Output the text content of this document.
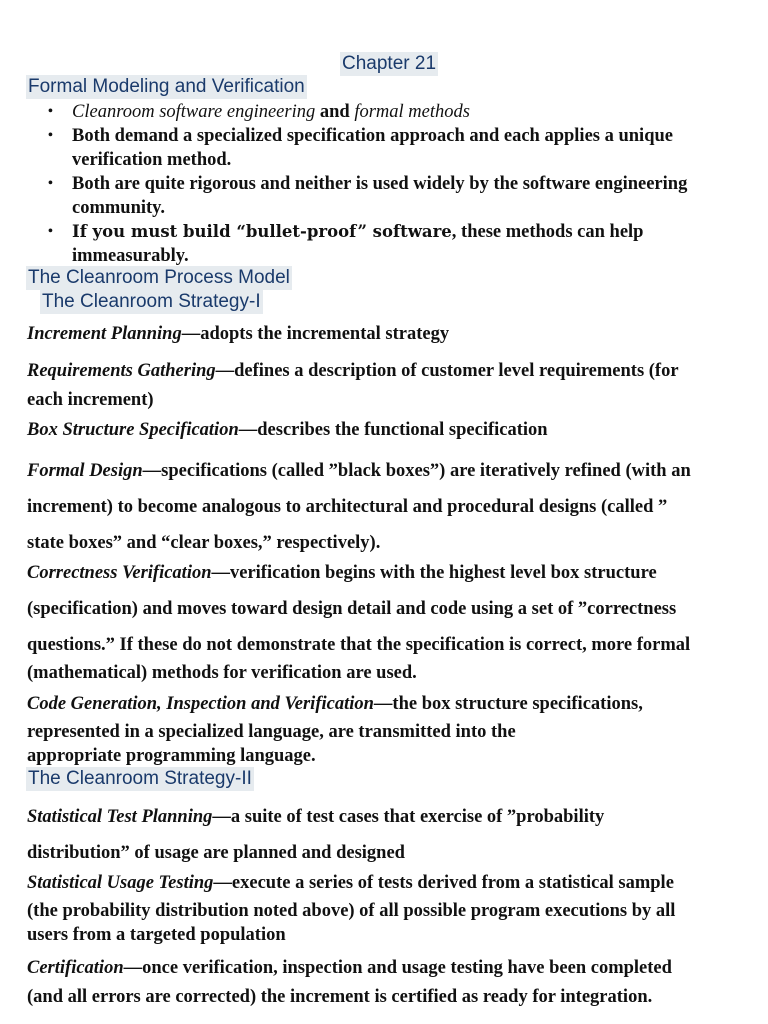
Chapter 21
Formal Modeling and Verification
• Cleanroom software engineering and formal methods
• Both demand a specialized specification approach and each applies a unique
verification method.
• Both are quite rigorous and neither is used widely by the software engineering
community.
• If you must build “bullet-proof” software, these methods can help
immeasurably.
The Cleanroom Process Model
The Cleanroom Strategy-I
Increment Planning—adopts the incremental strategy
Requirements Gathering—defines a description of customer level requirements (for
each increment)
Box Structure Specification—describes the functional specification
Formal Design—specifications (called ”black boxes”) are iteratively refined (with an
increment) to become analogous to architectural and procedural designs (called ”
state boxes” and “clear boxes,” respectively).
Correctness Verification—verification begins with the highest level box structure
(specification) and moves toward design detail and code using a set of ”correctness
questions.” If these do not demonstrate that the specification is correct, more formal
(mathematical) methods for verification are used.
Code Generation, Inspection and Verification—the box structure specifications,
represented in a specialized language, are transmitted into the
appropriate programming language.
The Cleanroom Strategy-II
Statistical Test Planning—a suite of test cases that exercise of ”probability
distribution” of usage are planned and designed
Statistical Usage Testing—execute a series of tests derived from a statistical sample
(the probability distribution noted above) of all possible program executions by all
users from a targeted population
Certification—once verification, inspection and usage testing have been completed
(and all errors are corrected) the increment is certified as ready for integration.
